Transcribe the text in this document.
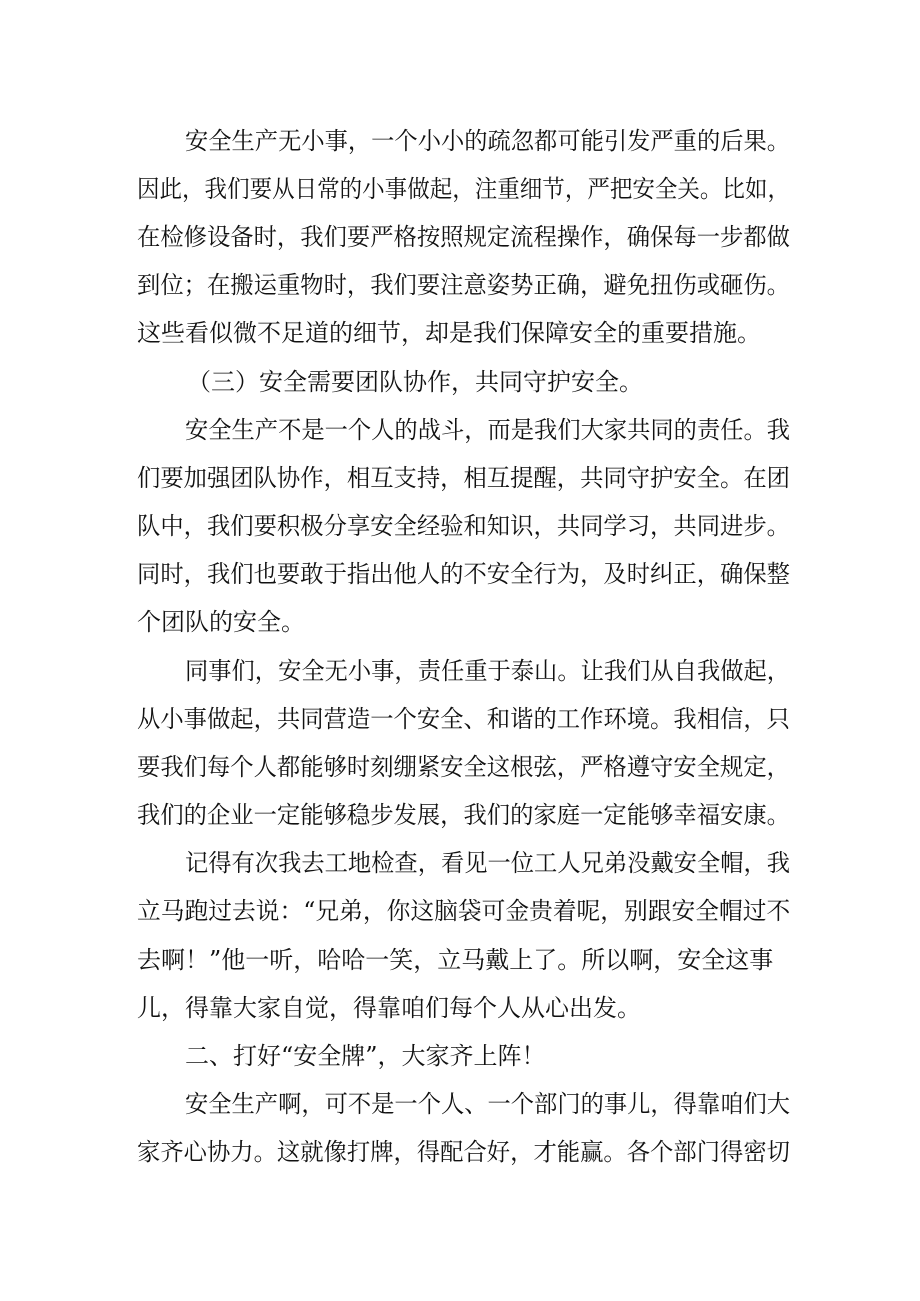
安全生产无小事，一个小小的疏忽都可能引发严重的后果。
因此，我们要从日常的小事做起，注重细节，严把安全关。比如，
在检修设备时，我们要严格按照规定流程操作，确保每一步都做
到位；在搬运重物时，我们要注意姿势正确，避免扭伤或砸伤。
这些看似微不足道的细节，却是我们保障安全的重要措施。
（三）安全需要团队协作，共同守护安全。
安全生产不是一个人的战斗，而是我们大家共同的责任。我
们要加强团队协作，相互支持，相互提醒，共同守护安全。在团
队中，我们要积极分享安全经验和知识，共同学习，共同进步。
同时，我们也要敢于指出他人的不安全行为，及时纠正，确保整
个团队的安全。
同事们，安全无小事，责任重于泰山。让我们从自我做起，
从小事做起，共同营造一个安全、和谐的工作环境。我相信，只
要我们每个人都能够时刻绷紧安全这根弦，严格遵守安全规定，
我们的企业一定能够稳步发展，我们的家庭一定能够幸福安康。
记得有次我去工地检查，看见一位工人兄弟没戴安全帽，我
立马跑过去说：“兄弟，你这脑袋可金贵着呢，别跟安全帽过不
去啊！”他一听，哈哈一笑，立马戴上了。所以啊，安全这事
儿，得靠大家自觉，得靠咱们每个人从心出发。
二、打好“安全牌”，大家齐上阵！
安全生产啊，可不是一个人、一个部门的事儿，得靠咱们大
家齐心协力。这就像打牌，得配合好，才能赢。各个部门得密切
